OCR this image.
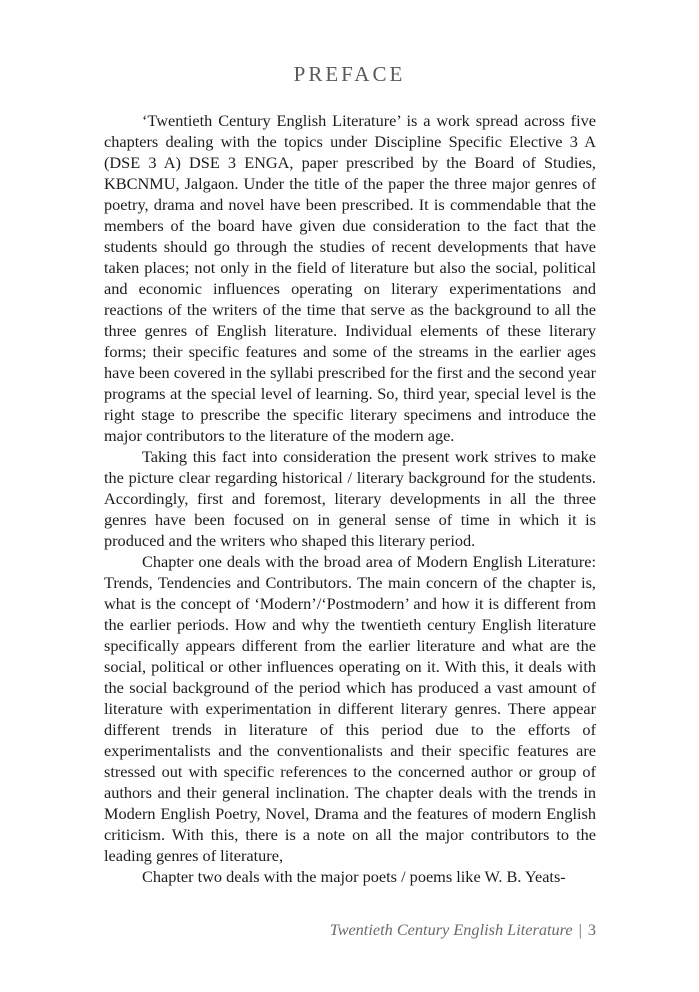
PREFACE

‘Twentieth Century English Literature’ is a work spread across five chapters dealing with the topics under Discipline Specific Elective 3 A (DSE 3 A) DSE 3 ENGA, paper prescribed by the Board of Studies, KBCNMU, Jalgaon. Under the title of the paper the three major genres of poetry, drama and novel have been prescribed. It is commendable that the members of the board have given due consideration to the fact that the students should go through the studies of recent developments that have taken places; not only in the field of literature but also the social, political and economic influences operating on literary experimentations and reactions of the writers of the time that serve as the background to all the three genres of English literature. Individual elements of these literary forms; their specific features and some of the streams in the earlier ages have been covered in the syllabi prescribed for the first and the second year programs at the special level of learning. So, third year, special level is the right stage to prescribe the specific literary specimens and introduce the major contributors to the literature of the modern age.

Taking this fact into consideration the present work strives to make the picture clear regarding historical / literary background for the students. Accordingly, first and foremost, literary developments in all the three genres have been focused on in general sense of time in which it is produced and the writers who shaped this literary period.

Chapter one deals with the broad area of Modern English Literature: Trends, Tendencies and Contributors. The main concern of the chapter is, what is the concept of ‘Modern’/‘Postmodern’ and how it is different from the earlier periods. How and why the twentieth century English literature specifically appears different from the earlier literature and what are the social, political or other influences operating on it. With this, it deals with the social background of the period which has produced a vast amount of literature with experimentation in different literary genres. There appear different trends in literature of this period due to the efforts of experimentalists and the conventionalists and their specific features are stressed out with specific references to the concerned author or group of authors and their general inclination. The chapter deals with the trends in Modern English Poetry, Novel, Drama and the features of modern English criticism. With this, there is a note on all the major contributors to the leading genres of literature,

Chapter two deals with the major poets / poems like W. B. Yeats-

Twentieth Century English Literature | 3
